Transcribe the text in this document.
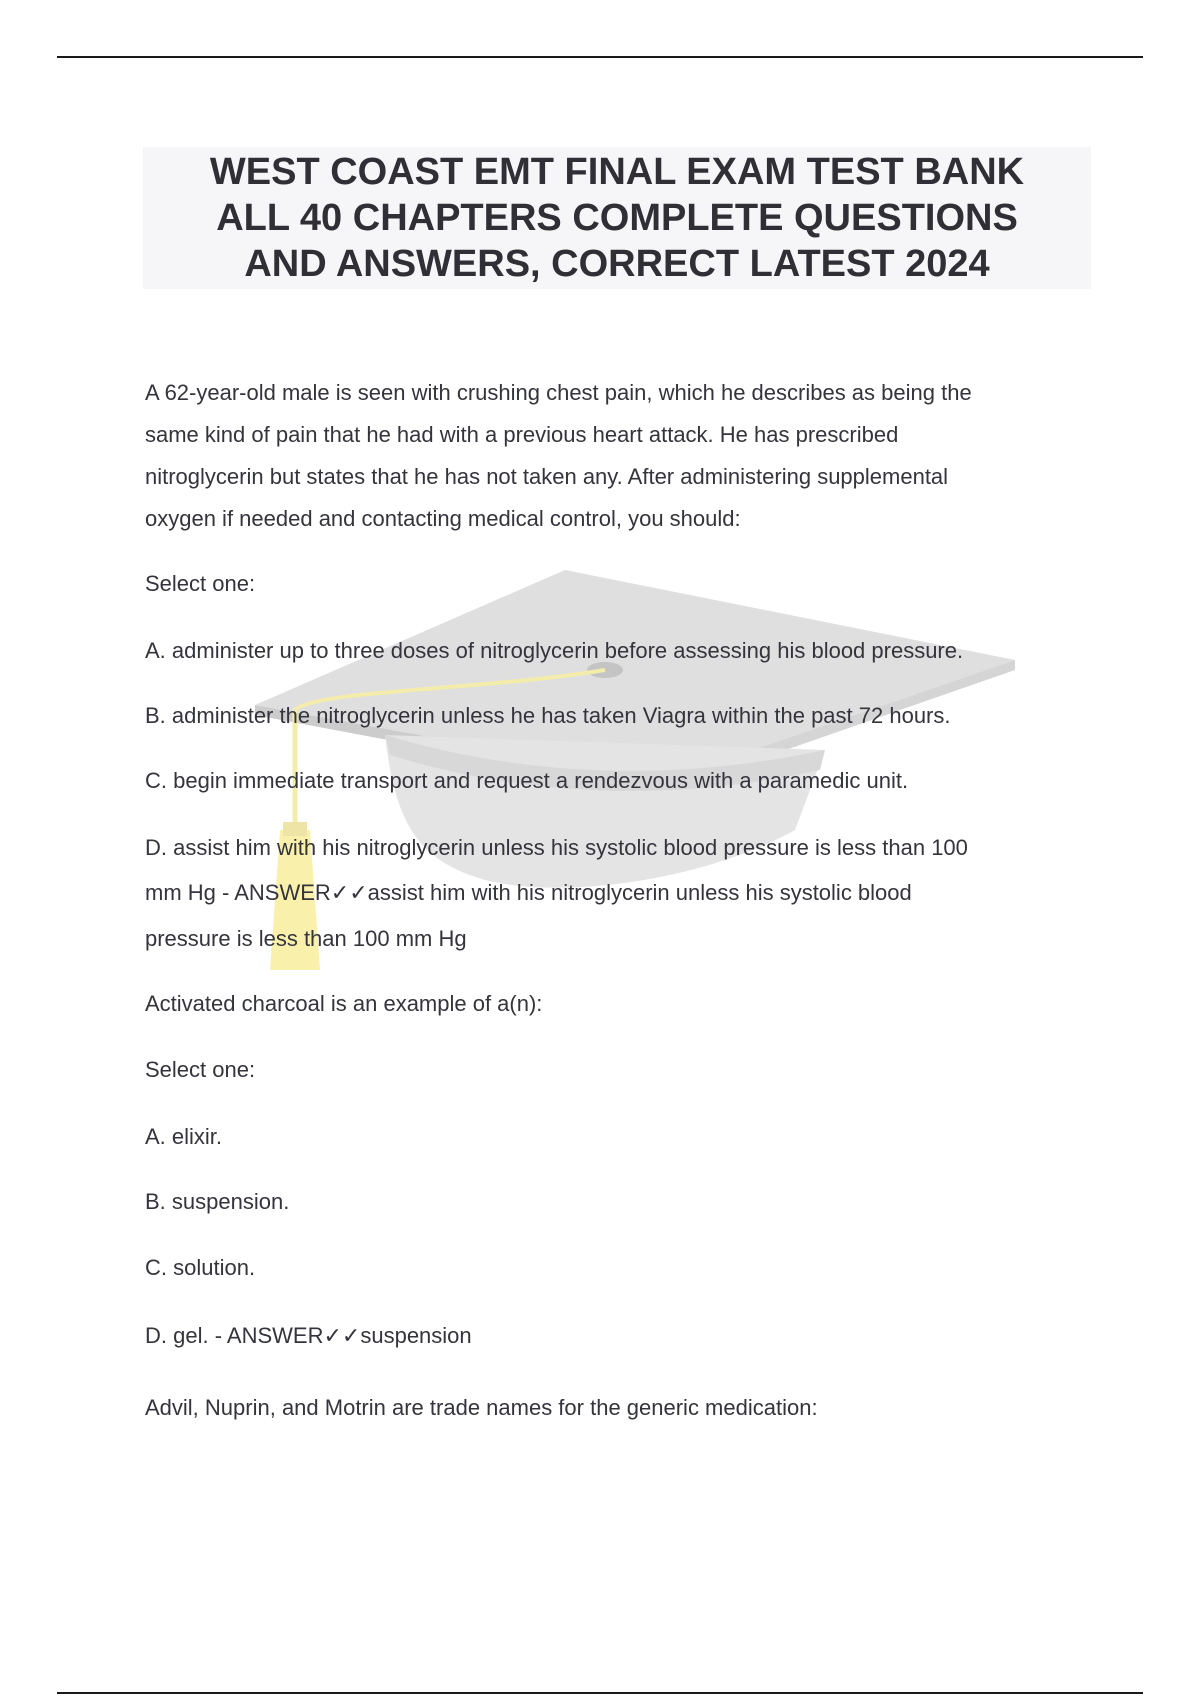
WEST COAST EMT FINAL EXAM TEST BANK
ALL 40 CHAPTERS COMPLETE QUESTIONS
AND ANSWERS, CORRECT LATEST 2024

A 62-year-old male is seen with crushing chest pain, which he describes as being the

same kind of pain that he had with a previous heart attack. He has prescribed

nitroglycerin but states that he has not taken any. After administering supplemental

oxygen if needed and contacting medical control, you should:

Select one:

A. administer up to three doses of nitroglycerin before assessing his blood pressure.

B. administer the nitroglycerin unless he has taken Viagra within the past 72 hours.

C. begin immediate transport and request a rendezvous with a paramedic unit.

D. assist him with his nitroglycerin unless his systolic blood pressure is less than 100

mm Hg - ANSWER✓✓assist him with his nitroglycerin unless his systolic blood

pressure is less than 100 mm Hg

Activated charcoal is an example of a(n):

Select one:

A. elixir.

B. suspension.

C. solution.

D. gel. - ANSWER✓✓suspension

Advil, Nuprin, and Motrin are trade names for the generic medication:
